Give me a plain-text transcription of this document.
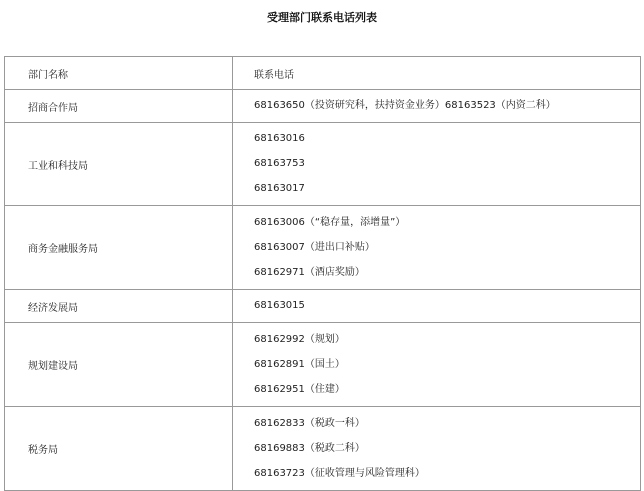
受理部门联系电话列表
部门名称	联系电话
招商合作局	68163650（投资研究科，扶持资金业务）68163523（内资二科）

工业和科技局	68163016
68163753
68163017

商务金融服务局	68163006（“稳存量，添增量”）
68163007（进出口补贴）
68162971（酒店奖励）

经济发展局	68163015

规划建设局	68162992（规划）
68162891（国土）
68162951（住建）

税务局	68162833（税政一科）
68169883（税政二科）
68163723（征收管理与风险管理科）
